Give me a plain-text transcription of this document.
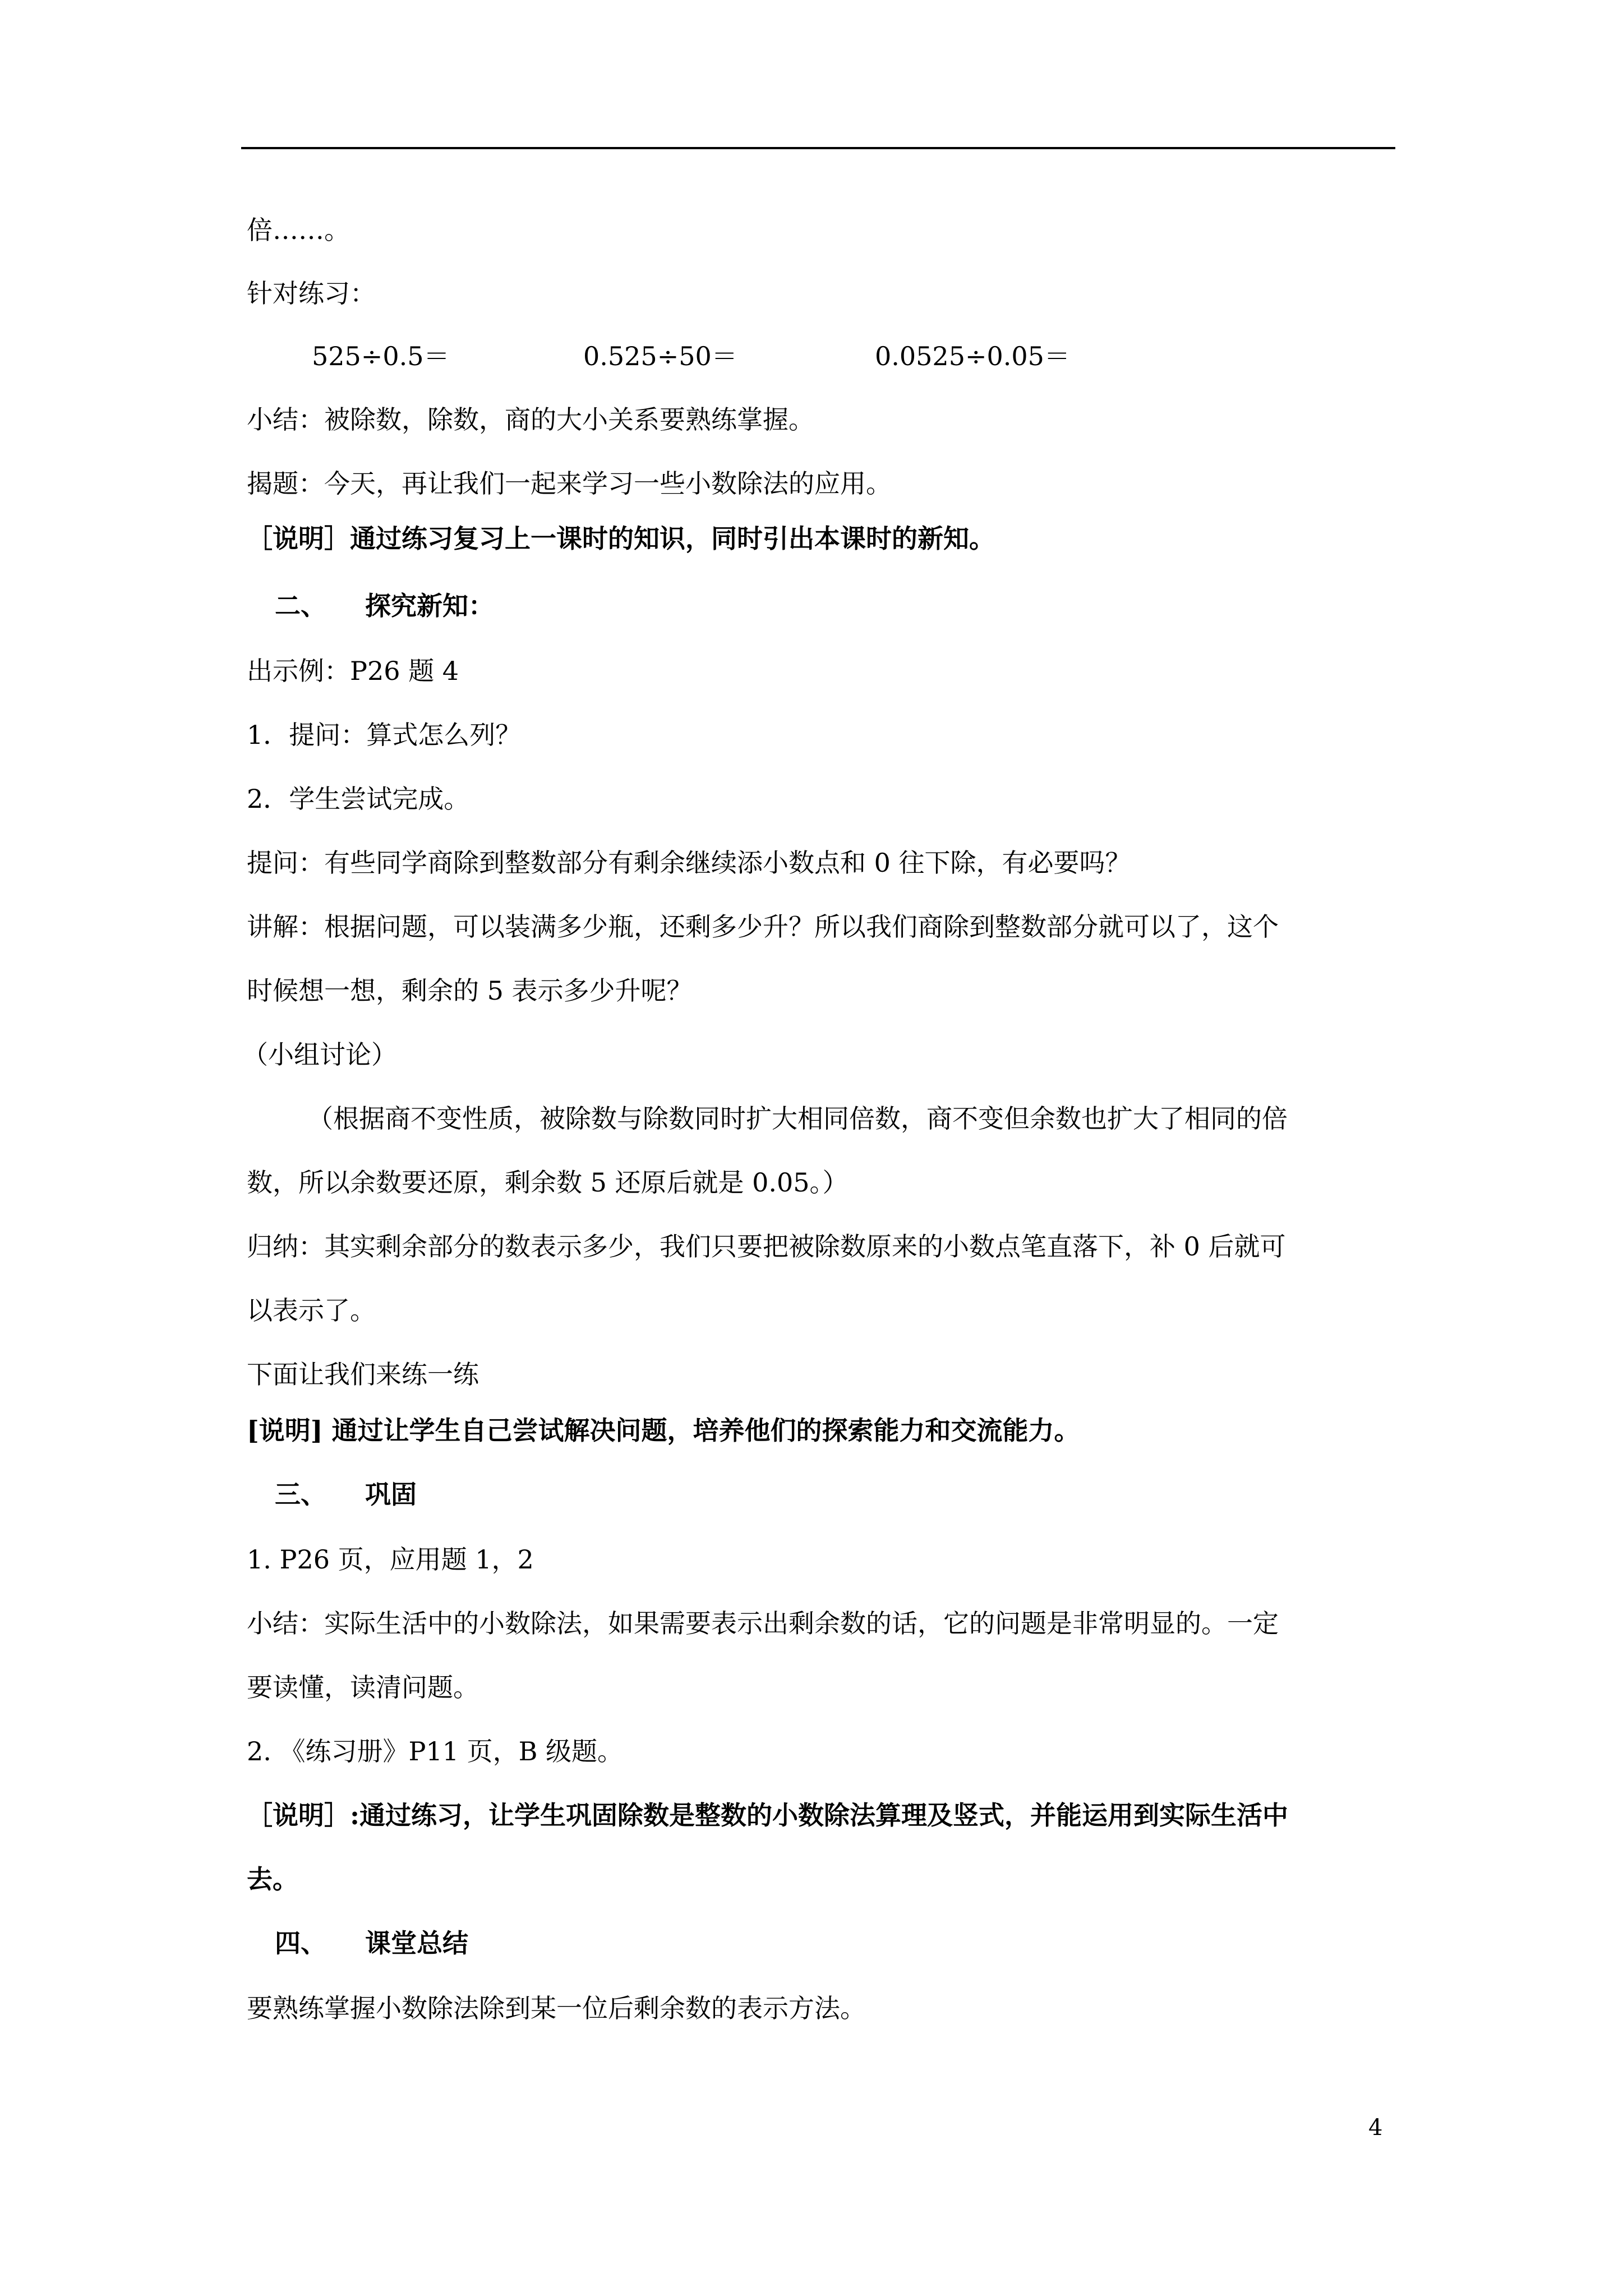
倍……。
针对练习：
525÷0.5＝	0.525÷50＝	0.0525÷0.05＝
小结：被除数，除数，商的大小关系要熟练掌握。
揭题：今天，再让我们一起来学习一些小数除法的应用。
［说明］通过练习复习上一课时的知识，同时引出本课时的新知。
二、　　探究新知：
出示例：P26 题 4
1．提问：算式怎么列？
2．学生尝试完成。
提问：有些同学商除到整数部分有剩余继续添小数点和 0 往下除，有必要吗？
讲解：根据问题，可以装满多少瓶，还剩多少升？所以我们商除到整数部分就可以了，这个
时候想一想，剩余的 5 表示多少升呢？
（小组讨论）
（根据商不变性质，被除数与除数同时扩大相同倍数，商不变但余数也扩大了相同的倍
数，所以余数要还原，剩余数 5 还原后就是 0.05。）
归纳：其实剩余部分的数表示多少，我们只要把被除数原来的小数点笔直落下，补 0 后就可
以表示了。
下面让我们来练一练
[说明] 通过让学生自己尝试解决问题，培养他们的探索能力和交流能力。
三、　　巩固
1. P26 页，应用题 1，2
小结：实际生活中的小数除法，如果需要表示出剩余数的话，它的问题是非常明显的。一定
要读懂，读清问题。
2. 《练习册》P11 页，B 级题。
［说明］:通过练习，让学生巩固除数是整数的小数除法算理及竖式，并能运用到实际生活中
去。
四、　　课堂总结
要熟练掌握小数除法除到某一位后剩余数的表示方法。
4
